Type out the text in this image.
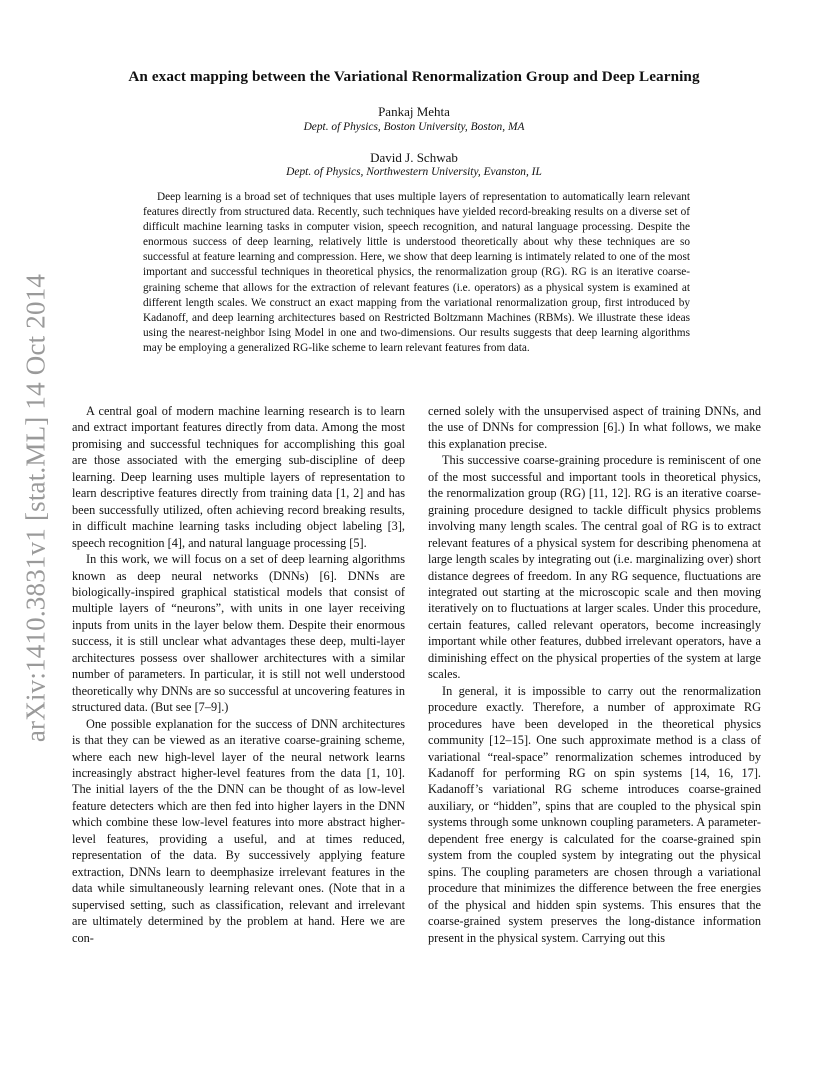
arXiv:1410.3831v1 [stat.ML] 14 Oct 2014
An exact mapping between the Variational Renormalization Group and Deep Learning
Pankaj Mehta
Dept. of Physics, Boston University, Boston, MA
David J. Schwab
Dept. of Physics, Northwestern University, Evanston, IL
Deep learning is a broad set of techniques that uses multiple layers of representation to automatically learn relevant features directly from structured data. Recently, such techniques have yielded record-breaking results on a diverse set of difficult machine learning tasks in computer vision, speech recognition, and natural language processing. Despite the enormous success of deep learning, relatively little is understood theoretically about why these techniques are so successful at feature learning and compression. Here, we show that deep learning is intimately related to one of the most important and successful techniques in theoretical physics, the renormalization group (RG). RG is an iterative coarse-graining scheme that allows for the extraction of relevant features (i.e. operators) as a physical system is examined at different length scales. We construct an exact mapping from the variational renormalization group, first introduced by Kadanoff, and deep learning architectures based on Restricted Boltzmann Machines (RBMs). We illustrate these ideas using the nearest-neighbor Ising Model in one and two-dimensions. Our results suggests that deep learning algorithms may be employing a generalized RG-like scheme to learn relevant features from data.

A central goal of modern machine learning research is to learn and extract important features directly from data. Among the most promising and successful techniques for accomplishing this goal are those associated with the emerging sub-discipline of deep learning. Deep learning uses multiple layers of representation to learn descriptive features directly from training data [1, 2] and has been successfully utilized, often achieving record breaking results, in difficult machine learning tasks including object labeling [3], speech recognition [4], and natural language processing [5].

In this work, we will focus on a set of deep learning algorithms known as deep neural networks (DNNs) [6]. DNNs are biologically-inspired graphical statistical models that consist of multiple layers of “neurons”, with units in one layer receiving inputs from units in the layer below them. Despite their enormous success, it is still unclear what advantages these deep, multi-layer architectures possess over shallower architectures with a similar number of parameters. In particular, it is still not well understood theoretically why DNNs are so successful at uncovering features in structured data. (But see [7–9].)

One possible explanation for the success of DNN architectures is that they can be viewed as an iterative coarse-graining scheme, where each new high-level layer of the neural network learns increasingly abstract higher-level features from the data [1, 10]. The initial layers of the the DNN can be thought of as low-level feature detecters which are then fed into higher layers in the DNN which combine these low-level features into more abstract higher-level features, providing a useful, and at times reduced, representation of the data. By successively applying feature extraction, DNNs learn to deemphasize irrelevant features in the data while simultaneously learning relevant ones. (Note that in a supervised setting, such as classification, relevant and irrelevant are ultimately determined by the problem at hand. Here we are con-

cerned solely with the unsupervised aspect of training DNNs, and the use of DNNs for compression [6].) In what follows, we make this explanation precise.

This successive coarse-graining procedure is reminiscent of one of the most successful and important tools in theoretical physics, the renormalization group (RG) [11, 12]. RG is an iterative coarse-graining procedure designed to tackle difficult physics problems involving many length scales. The central goal of RG is to extract relevant features of a physical system for describing phenomena at large length scales by integrating out (i.e. marginalizing over) short distance degrees of freedom. In any RG sequence, fluctuations are integrated out starting at the microscopic scale and then moving iteratively on to fluctuations at larger scales. Under this procedure, certain features, called relevant operators, become increasingly important while other features, dubbed irrelevant operators, have a diminishing effect on the physical properties of the system at large scales.

In general, it is impossible to carry out the renormalization procedure exactly. Therefore, a number of approximate RG procedures have been developed in the theoretical physics community [12–15]. One such approximate method is a class of variational “real-space” renormalization schemes introduced by Kadanoff for performing RG on spin systems [14, 16, 17]. Kadanoff’s variational RG scheme introduces coarse-grained auxiliary, or “hidden”, spins that are coupled to the physical spin systems through some unknown coupling parameters. A parameter-dependent free energy is calculated for the coarse-grained spin system from the coupled system by integrating out the physical spins. The coupling parameters are chosen through a variational procedure that minimizes the difference between the free energies of the physical and hidden spin systems. This ensures that the coarse-grained system preserves the long-distance information present in the physical system. Carrying out this
